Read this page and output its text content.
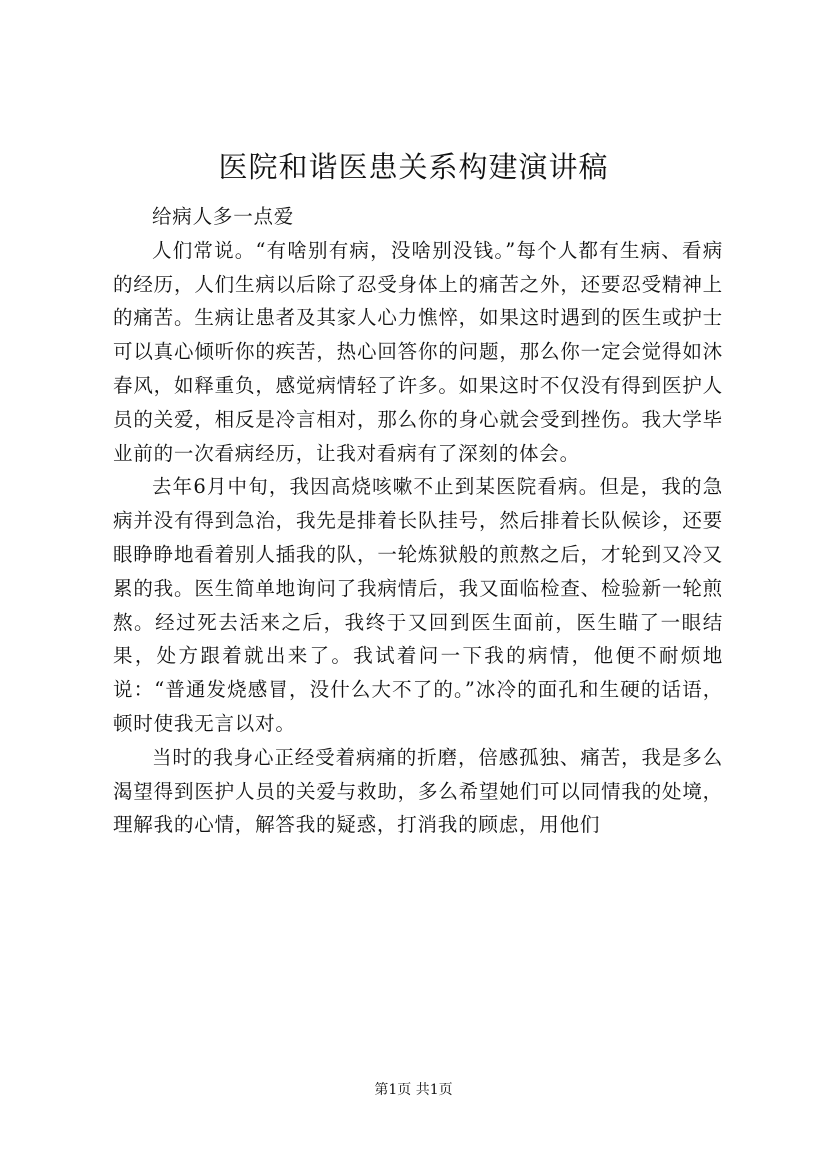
医院和谐医患关系构建演讲稿

给病人多一点爱

人们常说。“有啥别有病，没啥别没钱。”每个人都有生病、看病的经历，人们生病以后除了忍受身体上的痛苦之外，还要忍受精神上的痛苦。生病让患者及其家人心力憔悴，如果这时遇到的医生或护士可以真心倾听你的疾苦，热心回答你的问题，那么你一定会觉得如沐春风，如释重负，感觉病情轻了许多。如果这时不仅没有得到医护人员的关爱，相反是冷言相对，那么你的身心就会受到挫伤。我大学毕业前的一次看病经历，让我对看病有了深刻的体会。

去年6月中旬，我因高烧咳嗽不止到某医院看病。但是，我的急病并没有得到急治，我先是排着长队挂号，然后排着长队候诊，还要眼睁睁地看着别人插我的队，一轮炼狱般的煎熬之后，才轮到又冷又累的我。医生简单地询问了我病情后，我又面临检查、检验新一轮煎熬。经过死去活来之后，我终于又回到医生面前，医生瞄了一眼结果，处方跟着就出来了。我试着问一下我的病情，他便不耐烦地说：“普通发烧感冒，没什么大不了的。”冰冷的面孔和生硬的话语，顿时使我无言以对。

当时的我身心正经受着病痛的折磨，倍感孤独、痛苦，我是多么渴望得到医护人员的关爱与救助，多么希望她们可以同情我的处境，理解我的心情，解答我的疑惑，打消我的顾虑，用他们

第1页 共1页
